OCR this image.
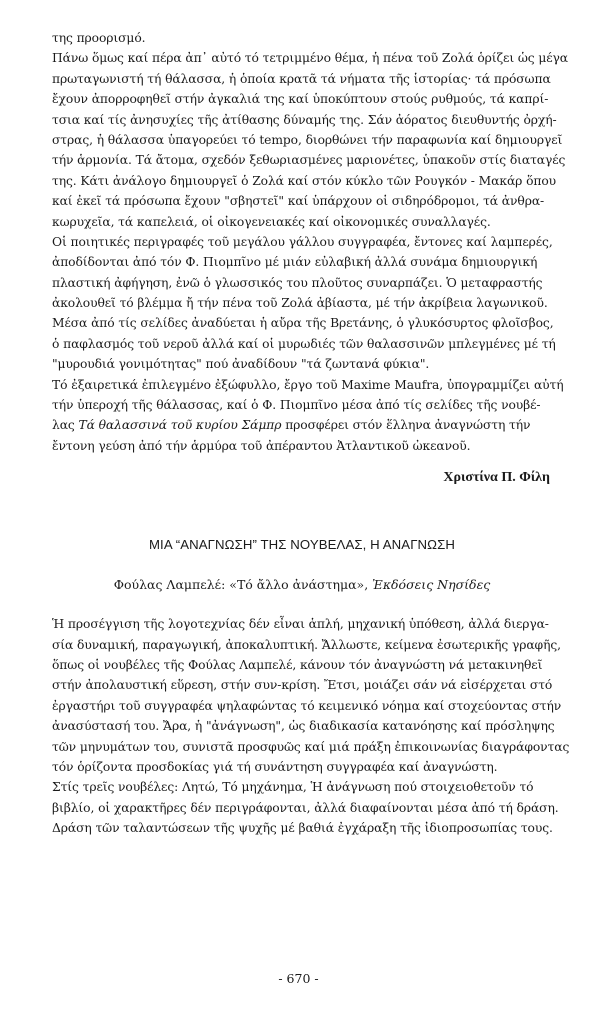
της προορισμό.
Πάνω ὅμως καί πέρα ἀπ᾽ αὐτό τό τετριμμένο θέμα, ἡ πένα τοῦ Ζολά ὁρίζει ὡς μέγα
πρωταγωνιστή τή θάλασσα, ἡ ὁποία κρατᾶ τά νήματα τῆς ἱστορίας· τά πρόσωπα
ἔχουν ἀπορροφηθεῖ στήν ἀγκαλιά της καί ὑποκύπτουν στούς ρυθμούς, τά καπρί-
τσια καί τίς ἀνησυχίες τῆς ἀτίθασης δύναμής της. Σάν ἀόρατος διευθυντής ὀρχή-
στρας, ἡ θάλασσα ὑπαγορεύει τό tempo, διορθώνει τήν παραφωνία καί δημιουργεῖ
τήν ἁρμονία. Τά ἄτομα, σχεδόν ξεθωριασμένες μαριονέτες, ὑπακοῦν στίς διαταγές
της. Κάτι ἀνάλογο δημιουργεῖ ὁ Ζολά καί στόν κύκλο τῶν Ρουγκόν - Μακάρ ὅπου
καί ἐκεῖ τά πρόσωπα ἔχουν "σβηστεῖ" καί ὑπάρχουν οἱ σιδηρόδρομοι, τά ἀνθρα-
κωρυχεῖα, τά καπελειά, οἱ οἰκογενειακές καί οἰκονομικές συναλλαγές.
Οἱ ποιητικές περιγραφές τοῦ μεγάλου γάλλου συγγραφέα, ἔντονες καί λαμπερές,
ἀποδίδονται ἀπό τόν Φ. Πιομπῖνο μέ μιάν εὐλαβική ἀλλά συνάμα δημιουργική
πλαστική ἀφήγηση, ἐνῶ ὁ γλωσσικός του πλοῦτος συναρπάζει. Ὁ μεταφραστής
ἀκολουθεῖ τό βλέμμα ἤ τήν πένα τοῦ Ζολά ἀβίαστα, μέ τήν ἀκρίβεια λαγωνικοῦ.
Μέσα ἀπό τίς σελίδες ἀναδύεται ἡ αὔρα τῆς Βρετάνης, ὁ γλυκόσυρτος φλοῖσβος,
ὁ παφλασμός τοῦ νεροῦ ἀλλά καί οἱ μυρωδιές τῶν θαλασσινῶν μπλεγμένες μέ τή
"μυρουδιά γονιμότητας" πού ἀναδίδουν "τά ζωντανά φύκια".
Τό ἐξαιρετικά ἐπιλεγμένο ἐξώφυλλο, ἔργο τοῦ Maxime Maufra, ὑπογραμμίζει αὐτή
τήν ὑπεροχή τῆς θάλασσας, καί ὁ Φ. Πιομπῖνο μέσα ἀπό τίς σελίδες τῆς νουβέ-
λας Τά θαλασσινά τοῦ κυρίου Σάμπρ προσφέρει στόν ἕλληνα ἀναγνώστη τήν
ἔντονη γεύση ἀπό τήν ἁρμύρα τοῦ ἀπέραντου Ἀτλαντικοῦ ὠκεανοῦ.
Χριστίνα Π. Φίλη
ΜΙΑ “ΑΝΑΓΝΩΣΗ” ΤΗΣ ΝΟΥΒΕΛΑΣ, Η ΑΝΑΓΝΩΣΗ
Φούλας Λαμπελέ: «Τό ἄλλο ἀνάστημα», Ἐκδόσεις Νησίδες
Ἡ προσέγγιση τῆς λογοτεχνίας δέν εἶναι ἁπλή, μηχανική ὑπόθεση, ἀλλά διεργα-
σία δυναμική, παραγωγική, ἀποκαλυπτική. Ἄλλωστε, κείμενα ἐσωτερικῆς γραφῆς,
ὅπως οἱ νουβέλες τῆς Φούλας Λαμπελέ, κάνουν τόν ἀναγνώστη νά μετακινηθεῖ
στήν ἀπολαυστική εὕρεση, στήν συν-κρίση. Ἔτσι, μοιάζει σάν νά εἰσέρχεται στό
ἐργαστήρι τοῦ συγγραφέα ψηλαφώντας τό κειμενικό νόημα καί στοχεύοντας στήν
ἀνασύστασή του. Ἄρα, ἡ "ἀνάγνωση", ὡς διαδικασία κατανόησης καί πρόσληψης
τῶν μηνυμάτων του, συνιστᾶ προσφυῶς καί μιά πράξη ἐπικοινωνίας διαγράφοντας
τόν ὁρίζοντα προσδοκίας γιά τή συνάντηση συγγραφέα καί ἀναγνώστη.
Στίς τρεῖς νουβέλες: Λητώ, Τό μηχάνημα, Ἡ ἀνάγνωση πού στοιχειοθετοῦν τό
βιβλίο, οἱ χαρακτῆρες δέν περιγράφονται, ἀλλά διαφαίνονται μέσα ἀπό τή δράση.
Δράση τῶν ταλαντώσεων τῆς ψυχῆς μέ βαθιά ἐγχάραξη τῆς ἰδιοπροσωπίας τους.
- 670 -
